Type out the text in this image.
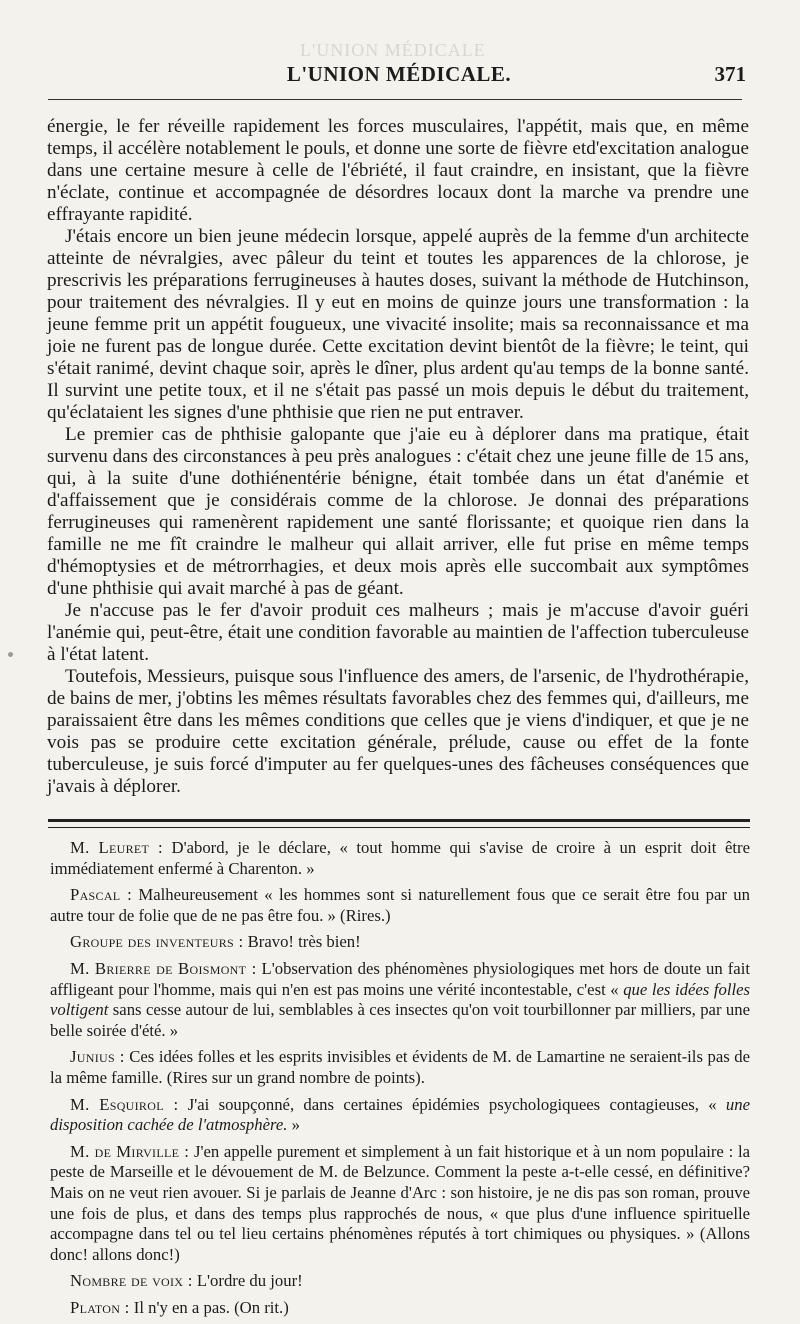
L'UNION MÉDICALE
L'UNION MÉDICALE.	371

énergie, le fer réveille rapidement les forces musculaires, l'appétit, mais que, en même temps, il accélère notablement le pouls, et donne une sorte de fièvre etd'excitation analogue dans une certaine mesure à celle de l'ébriété, il faut craindre, en insistant, que la fièvre n'éclate, continue et accompagnée de désordres locaux dont la marche va prendre une effrayante rapidité.

J'étais encore un bien jeune médecin lorsque, appelé auprès de la femme d'un architecte atteinte de névralgies, avec pâleur du teint et toutes les apparences de la chlorose, je prescrivis les préparations ferrugineuses à hautes doses, suivant la méthode de Hutchinson, pour traitement des névralgies. Il y eut en moins de quinze jours une transformation : la jeune femme prit un appétit fougueux, une vivacité insolite; mais sa reconnaissance et ma joie ne furent pas de longue durée. Cette excitation devint bientôt de la fièvre; le teint, qui s'était ranimé, devint chaque soir, après le dîner, plus ardent qu'au temps de la bonne santé. Il survint une petite toux, et il ne s'était pas passé un mois depuis le début du traitement, qu'éclataient les signes d'une phthisie que rien ne put entraver.

Le premier cas de phthisie galopante que j'aie eu à déplorer dans ma pratique, était survenu dans des circonstances à peu près analogues : c'était chez une jeune fille de 15 ans, qui, à la suite d'une dothiénentérie bénigne, était tombée dans un état d'anémie et d'affaissement que je considérais comme de la chlorose. Je donnai des préparations ferrugineuses qui ramenèrent rapidement une santé florissante; et quoique rien dans la famille ne me fît craindre le malheur qui allait arriver, elle fut prise en même temps d'hémoptysies et de métrorrhagies, et deux mois après elle succombait aux symptômes d'une phthisie qui avait marché à pas de géant.

Je n'accuse pas le fer d'avoir produit ces malheurs ; mais je m'accuse d'avoir guéri l'anémie qui, peut-être, était une condition favorable au maintien de l'affection tuberculeuse à l'état latent.

Toutefois, Messieurs, puisque sous l'influence des amers, de l'arsenic, de l'hydrothérapie, de bains de mer, j'obtins les mêmes résultats favorables chez des femmes qui, d'ailleurs, me paraissaient être dans les mêmes conditions que celles que je viens d'indiquer, et que je ne vois pas se produire cette excitation générale, prélude, cause ou effet de la fonte tuberculeuse, je suis forcé d'imputer au fer quelques-unes des fâcheuses conséquences que j'avais à déplorer.

M. Leuret : D'abord, je le déclare, « tout homme qui s'avise de croire à un esprit doit être immédiatement enfermé à Charenton. »

Pascal : Malheureusement « les hommes sont si naturellement fous que ce serait être fou par un autre tour de folie que de ne pas être fou. » (Rires.)

Groupe des inventeurs : Bravo! très bien!

M. Brierre de Boismont : L'observation des phénomènes physiologiques met hors de doute un fait affligeant pour l'homme, mais qui n'en est pas moins une vérité incontestable, c'est « que les idées folles voltigent sans cesse autour de lui, semblables à ces insectes qu'on voit tourbillonner par milliers, par une belle soirée d'été. »

Junius : Ces idées folles et les esprits invisibles et évidents de M. de Lamartine ne seraient-ils pas de la même famille. (Rires sur un grand nombre de points).

M. Esquirol : J'ai soupçonné, dans certaines épidémies psychologiquees contagieuses, « une disposition cachée de l'atmosphère. »

M. de Mirville : J'en appelle purement et simplement à un fait historique et à un nom populaire : la peste de Marseille et le dévouement de M. de Belzunce. Comment la peste a-t-elle cessé, en définitive? Mais on ne veut rien avouer. Si je parlais de Jeanne d'Arc : son histoire, je ne dis pas son roman, prouve une fois de plus, et dans des temps plus rapprochés de nous, « que plus d'une influence spirituelle accompagne dans tel ou tel lieu certains phénomènes réputés à tort chimiques ou physiques. » (Allons donc! allons donc!)

Nombre de voix : L'ordre du jour!

Platon : Il n'y en a pas. (On rit.)
